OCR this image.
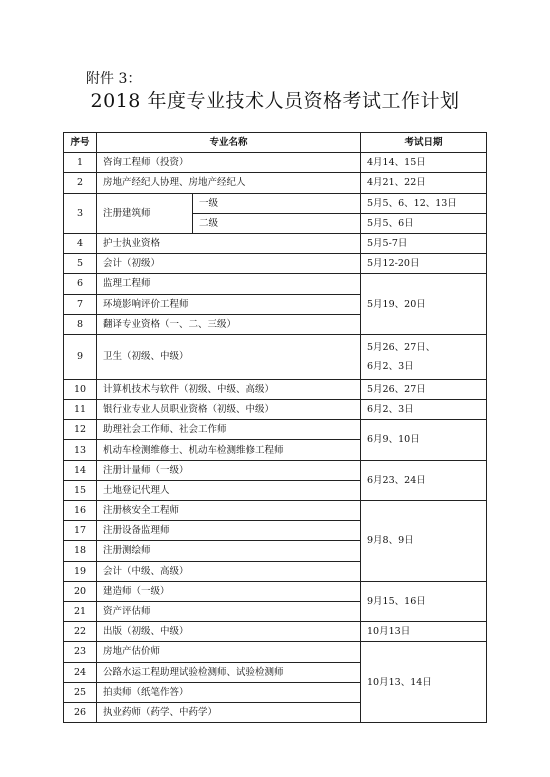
附件 3：
2018 年度专业技术人员资格考试工作计划
序号	专业名称		考试日期
1	咨询工程师（投资）		4月14、15日
2	房地产经纪人协理、房地产经纪人		4月21、22日
3	注册建筑师	一级	5月5、6、12、13日
		二级	5月5、6日
4	护士执业资格		5月5-7日
5	会计（初级）		5月12-20日
6	监理工程师		5月19、20日
7	环境影响评价工程师		
8	翻译专业资格（一、二、三级）		
9	卫生（初级、中级）		5月26、27日、
6月2、3日
10	计算机技术与软件（初级、中级、高级）		5月26、27日
11	银行业专业人员职业资格（初级、中级）		6月2、3日
12	助理社会工作师、社会工作师		6月9、10日
13	机动车检测维修士、机动车检测维修工程师		
14	注册计量师（一级）		6月23、24日
15	土地登记代理人		
16	注册核安全工程师		9月8、9日
17	注册设备监理师		
18	注册测绘师		
19	会计（中级、高级）		
20	建造师（一级）		9月15、16日
21	资产评估师		
22	出版（初级、中级）		10月13日
23	房地产估价师		10月13、14日
24	公路水运工程助理试验检测师、试验检测师		
25	拍卖师（纸笔作答）		
26	执业药师（药学、中药学）		
